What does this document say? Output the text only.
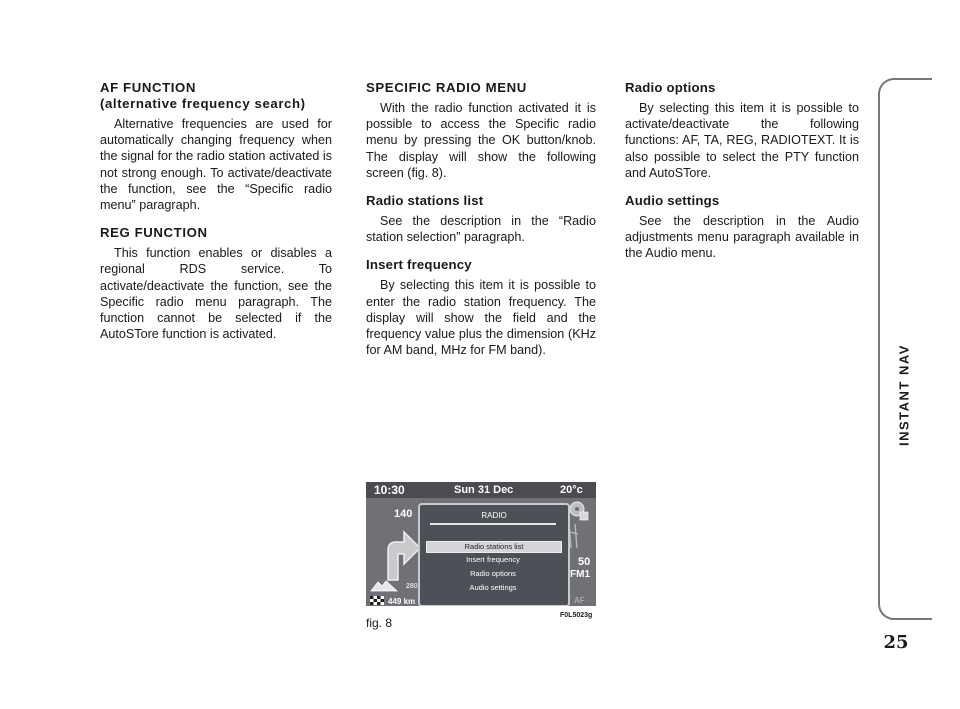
AF FUNCTION
(alternative frequency search)

Alternative frequencies are used for automatically changing frequency when the signal for the radio station activated is not strong enough. To activate/deactivate the function, see the “Specific radio menu” paragraph.

REG FUNCTION

This function enables or disables a regional RDS service. To activate/deactivate the function, see the Specific radio menu paragraph. The function cannot be selected if the AutoSTore function is activated.

SPECIFIC RADIO MENU

With the radio function activated it is possible to access the Specific radio menu by pressing the OK button/knob. The display will show the following screen (fig. 8).

Radio stations list

See the description in the “Radio station selection” paragraph.

Insert frequency

By selecting this item it is possible to enter the radio station frequency. The display will show the field and the frequency value plus the dimension (KHz for AM band, MHz for FM band).

Radio options

By selecting this item it is possible to activate/deactivate the following functions: AF, TA, REG, RADIOTEXT. It is also possible to select the PTY function and AutoSTore.

Audio settings

See the description in the Audio adjustments menu paragraph available in the Audio menu.

INSTANT NAV
25
10:30	Sun 31 Dec	20°c
140
50
FM1
280
449 km	AF
RADIO
Radio stations list
Insert frequency
Radio options
Audio settings
fig. 8
F0L5023g
